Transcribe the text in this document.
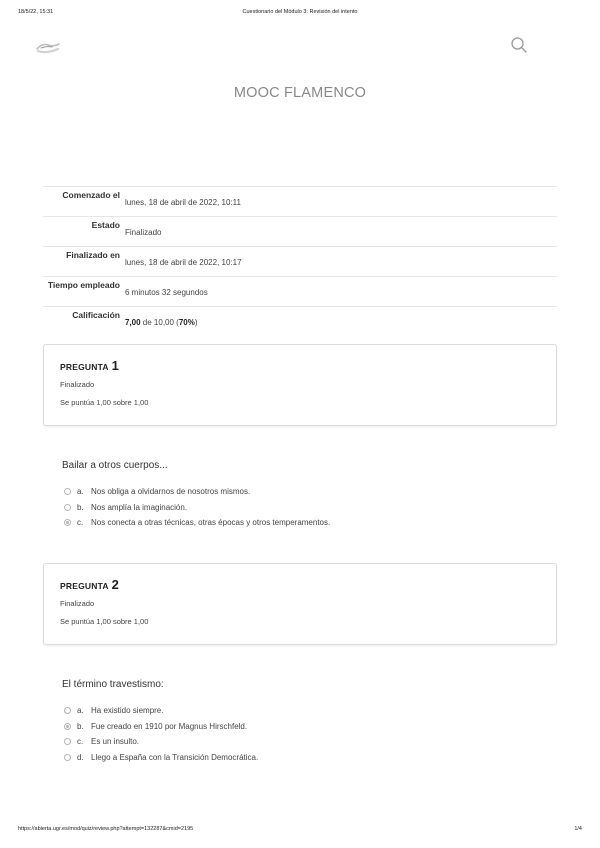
18/5/22, 15:31	Cuestionario del Módulo 3: Revisión del intento
MOOC FLAMENCO
Comenzado el
lunes, 18 de abril de 2022, 10:11
Estado
Finalizado
Finalizado en
lunes, 18 de abril de 2022, 10:17
Tiempo empleado
6 minutos 32 segundos
Calificación
7,00 de 10,00 (70%)
PREGUNTA 1
Finalizado
Se puntúa 1,00 sobre 1,00
Bailar a otros cuerpos...
a. Nos obliga a olvidarnos de nosotros mismos.
b. Nos amplía la imaginación.
c. Nos conecta a otras técnicas, otras épocas y otros temperamentos.
PREGUNTA 2
Finalizado
Se puntúa 1,00 sobre 1,00
El término travestismo:
a. Ha existido siempre.
b. Fue creado en 1910 por Magnus Hirschfeld.
c. Es un insulto.
d. Llego a España con la Transición Democrática.
https://abierta.ugr.es/mod/quiz/review.php?attempt=132287&cmid=2195	1/4
